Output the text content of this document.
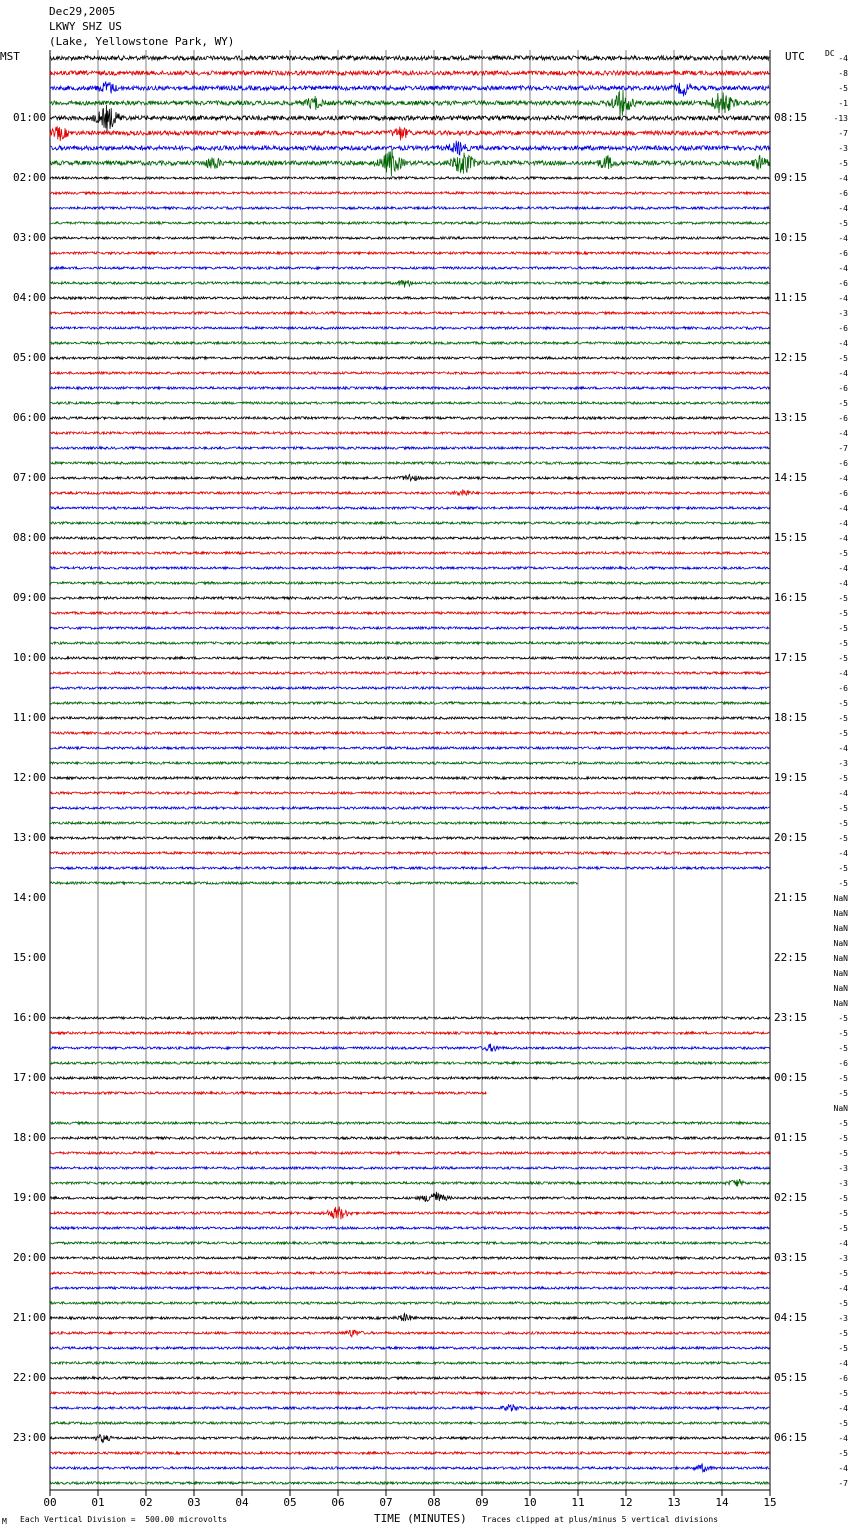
Dec29,2005
LKWY SHZ US
(Lake, Yellowstone Park, WY)
MST	UTC	DC
00	01	02	03	04	05	06	07	08	09	10	11	12	13	14	15
01:00	08:15
02:00	09:15
03:00	10:15
04:00	11:15
05:00	12:15
06:00	13:15
07:00	14:15
08:00	15:15
09:00	16:15
10:00	17:15
11:00	18:15
12:00	19:15
13:00	20:15
14:00	21:15
15:00	22:15
16:00	23:15
17:00	00:15
18:00	01:15
19:00	02:15
20:00	03:15
21:00	04:15
22:00	05:15
23:00	06:15
-4
-8
-5
-1
-13
-7
-3
-5
-4
-6
-4
-5
-4
-6
-4
-6
-4
-3
-6
-4
-5
-4
-6
-5
-6
-4
-7
-6
-4
-6
-4
-4
-4
-5
-4
-4
-5
-5
-5
-5
-5
-4
-6
-5
-5
-5
-4
-3
-5
-4
-5
-5
-5
-4
-5
-5
NaN
NaN
NaN
NaN
NaN
NaN
NaN
NaN
-5
-5
-5
-6
-5
-5
NaN
-5
-5
-5
-3
-3
-5
-5
-5
-4
-3
-5
-4
-5
-3
-5
-5
-4
-6
-5
-4
-5
-4
-5
-4
-7
M Each Vertical Division =  500.00 microvolts	TIME (MINUTES) Traces clipped at plus/minus 5 vertical divisions
